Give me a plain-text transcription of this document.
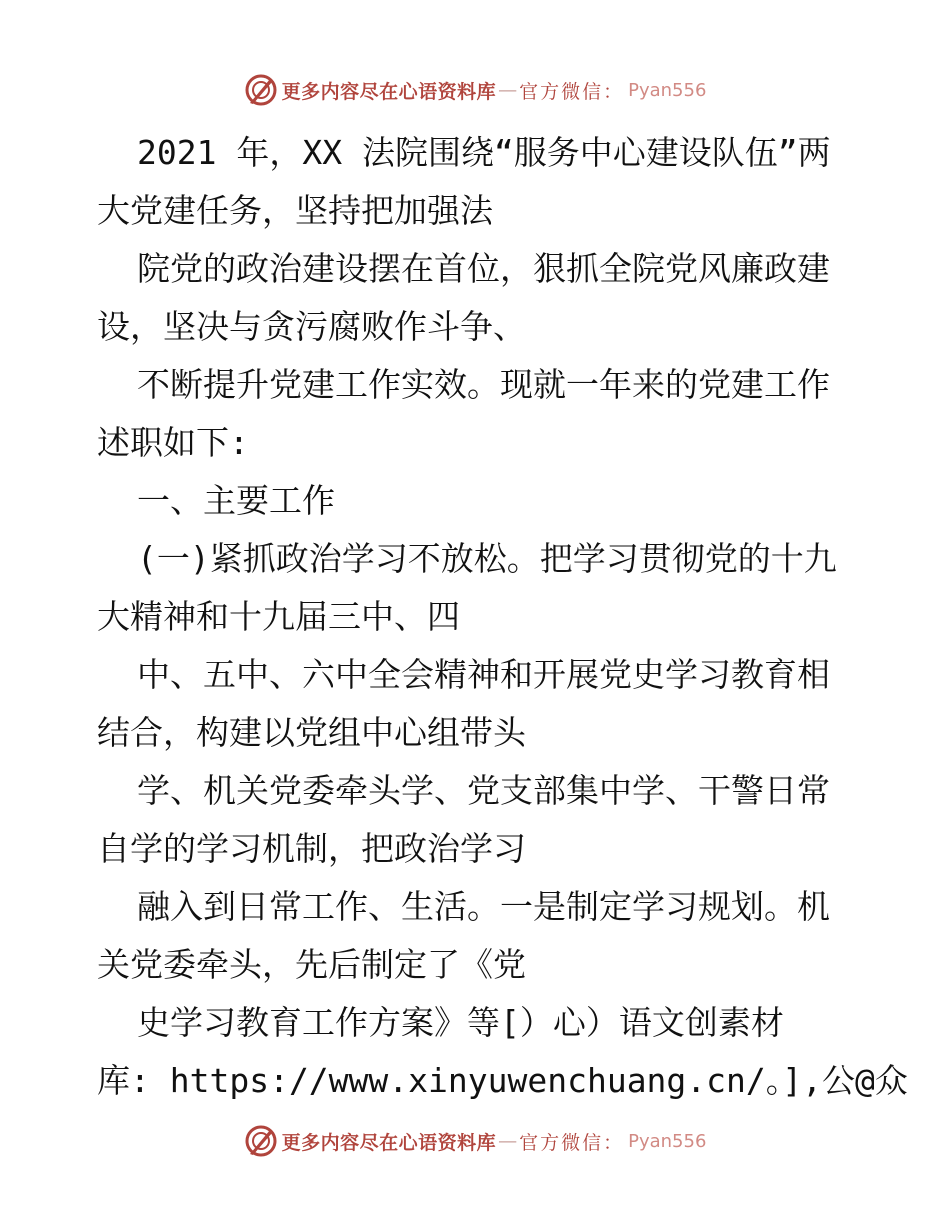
更多内容尽在心语资料库 — 官方微信： Pyan556
2021 年，XX 法院围绕“服务中心建设队伍”两
大党建任务，坚持把加强法
院党的政治建设摆在首位，狠抓全院党风廉政建
设，坚决与贪污腐败作斗争、
不断提升党建工作实效。现就一年来的党建工作
述职如下:
一、主要工作
(一)紧抓政治学习不放松。把学习贯彻党的十九
大精神和十九届三中、四
中、五中、六中全会精神和开展党史学习教育相
结合，构建以党组中心组带头
学、机关党委牵头学、党支部集中学、干警日常
自学的学习机制，把政治学习
融入到日常工作、生活。一是制定学习规划。机
关党委牵头，先后制定了《党
史学习教育工作方案》等[）心）语文创素材
库: https://www.xinyuwenchuang.cn/。],公@众
更多内容尽在心语资料库 — 官方微信： Pyan556
